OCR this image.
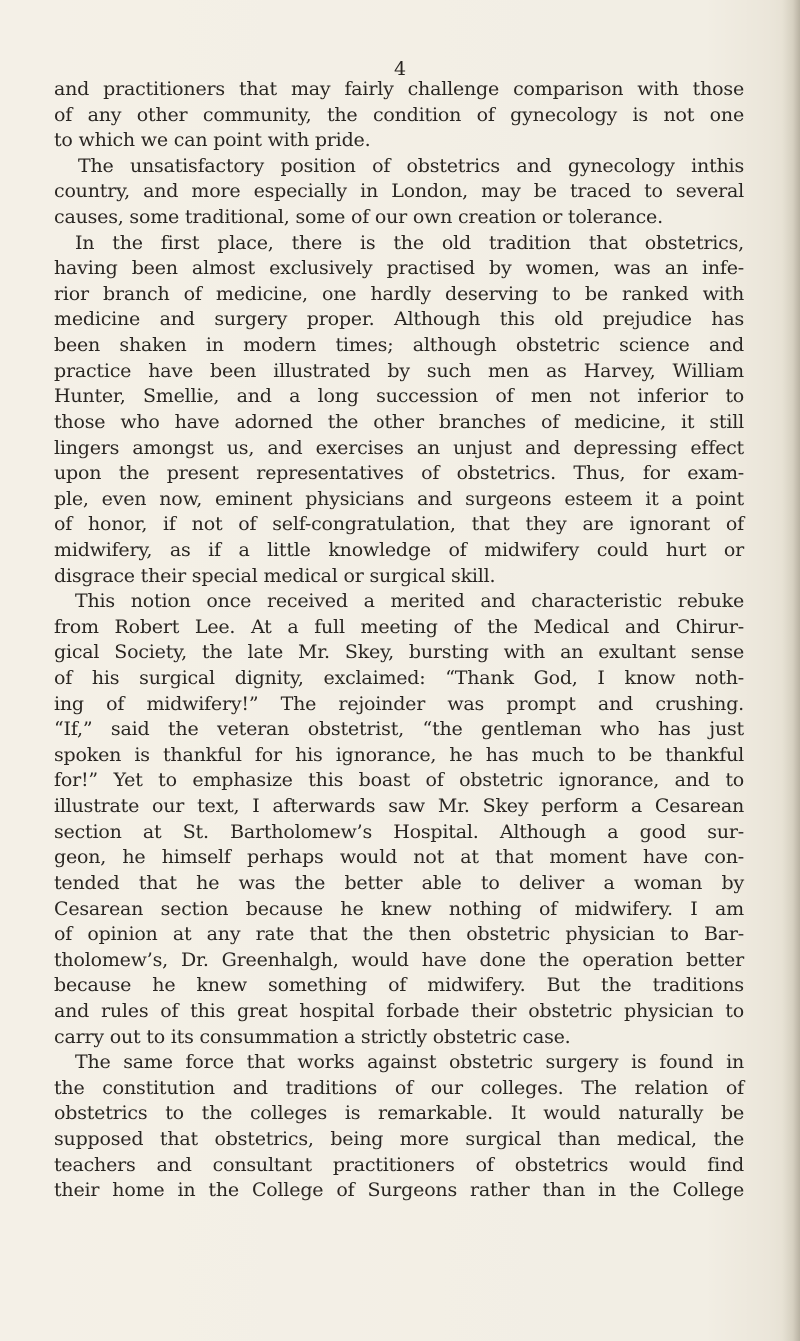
4
and practitioners that may fairly challenge comparison with those
of any other community, the condition of gynecology is not one
to which we can point with pride.
The unsatisfactory position of obstetrics and gynecology inthis
country, and more especially in London, may be traced to several
causes, some traditional, some of our own creation or tolerance.
In the first place, there is the old tradition that obstetrics,
having been almost exclusively practised by women, was an infe-
rior branch of medicine, one hardly deserving to be ranked with
medicine and surgery proper. Although this old prejudice has
been shaken in modern times; although obstetric science and
practice have been illustrated by such men as Harvey, William
Hunter, Smellie, and a long succession of men not inferior to
those who have adorned the other branches of medicine, it still
lingers amongst us, and exercises an unjust and depressing effect
upon the present representatives of obstetrics. Thus, for exam-
ple, even now, eminent physicians and surgeons esteem it a point
of honor, if not of self-congratulation, that they are ignorant of
midwifery, as if a little knowledge of midwifery could hurt or
disgrace their special medical or surgical skill.
This notion once received a merited and characteristic rebuke
from Robert Lee. At a full meeting of the Medical and Chirur-
gical Society, the late Mr. Skey, bursting with an exultant sense
of his surgical dignity, exclaimed: “Thank God, I know noth-
ing of midwifery!” The rejoinder was prompt and crushing.
“If,” said the veteran obstetrist, “the gentleman who has just
spoken is thankful for his ignorance, he has much to be thankful
for!” Yet to emphasize this boast of obstetric ignorance, and to
illustrate our text, I afterwards saw Mr. Skey perform a Cesarean
section at St. Bartholomew’s Hospital. Although a good sur-
geon, he himself perhaps would not at that moment have con-
tended that he was the better able to deliver a woman by
Cesarean section because he knew nothing of midwifery. I am
of opinion at any rate that the then obstetric physician to Bar-
tholomew’s, Dr. Greenhalgh, would have done the operation better
because he knew something of midwifery. But the traditions
and rules of this great hospital forbade their obstetric physician to
carry out to its consummation a strictly obstetric case.
The same force that works against obstetric surgery is found in
the constitution and traditions of our colleges. The relation of
obstetrics to the colleges is remarkable. It would naturally be
supposed that obstetrics, being more surgical than medical, the
teachers and consultant practitioners of obstetrics would find
their home in the College of Surgeons rather than in the College
